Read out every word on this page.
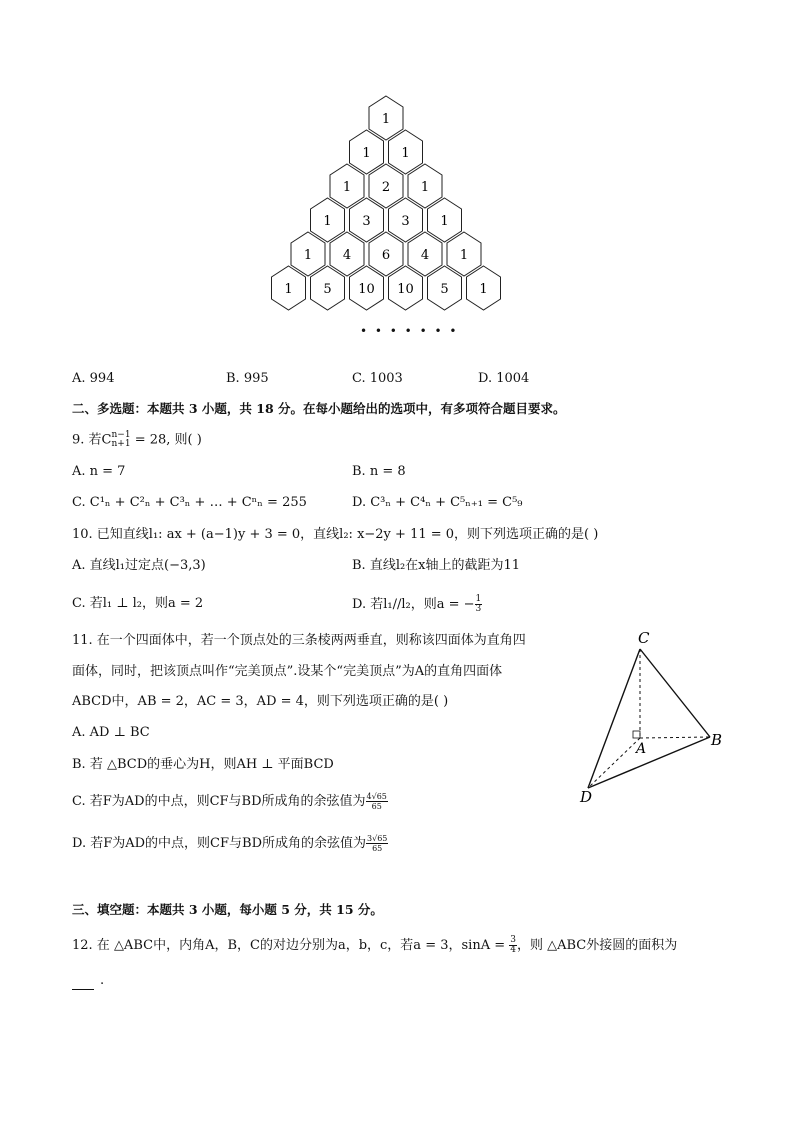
1
1 1
1 2 1
1 3 3 1
1 4 6 4 1
1 5 10 10 5 1
• • • • • • •
A. 994	B. 995	C. 1003	D. 1004
二、多选题：本题共 3 小题，共 18 分。在每小题给出的选项中，有多项符合题目要求。
9. 若C n−1
n+1 = 28, 则( )
A. n = 7	B. n = 8
C. C¹ₙ + C²ₙ + C³ₙ + … + Cⁿₙ = 255	D. C³ₙ + C⁴ₙ + C⁵ₙ₊₁ = C⁵₉
10. 已知直线l₁: ax + (a−1)y + 3 = 0，直线l₂: x−2y + 11 = 0，则下列选项正确的是( )
A. 直线l₁过定点(−3,3)	B. 直线l₂在x轴上的截距为11
C. 若l₁ ⊥ l₂，则a = 2	D. 若l₁//l₂，则a = − $\frac{1}{3}$
11. 在一个四面体中，若一个顶点处的三条棱两两垂直，则称该四面体为直角四
面体，同时，把该顶点叫作“完美顶点”.设某个“完美顶点”为A的直角四面体
ABCD中，AB = 2，AC = 3，AD = 4，则下列选项正确的是( )
A. AD ⊥ BC
B. 若 △BCD的垂心为H，则AH ⊥ 平面BCD
C. 若F为AD的中点，则CF与BD所成角的余弦值为 $\frac{4√65}{65}$
D. 若F为AD的中点，则CF与BD所成角的余弦值为 $\frac{3√65}{65}$
C
A	B
D
三、填空题：本题共 3 小题，每小题 5 分，共 15 分。
12. 在 △ABC中，内角A，B，C的对边分别为a，b，c，若a = 3，$\sin A = \frac{3}{4}$ ，则 △ABC外接圆的面积为
.
